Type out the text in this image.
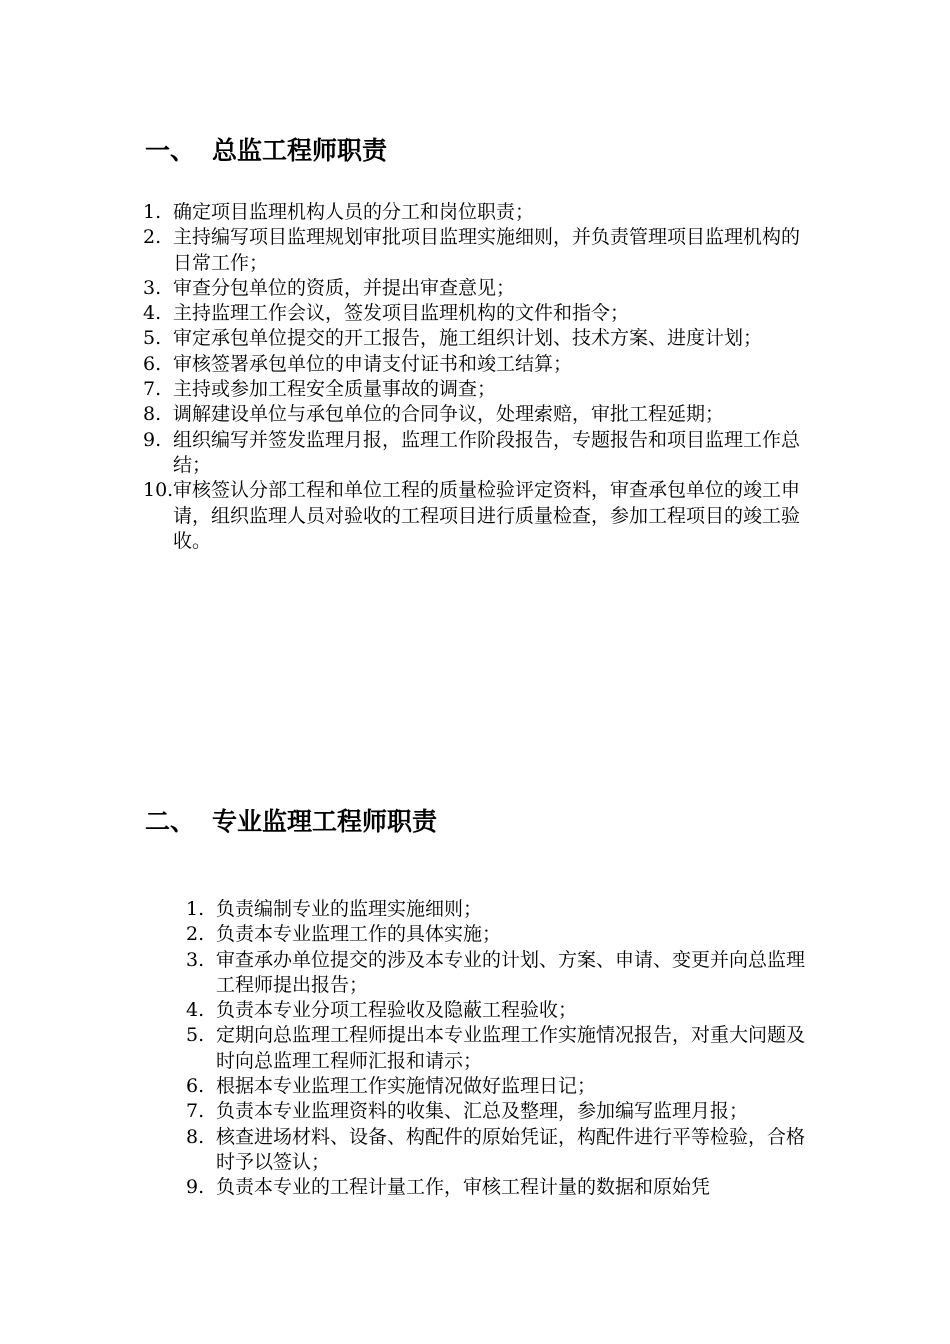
一、 总监工程师职责
1. 确定项目监理机构人员的分工和岗位职责；
2. 主持编写项目监理规划审批项目监理实施细则，并负责管理项目监理机构的日常工作；
3. 审查分包单位的资质，并提出审查意见；
4. 主持监理工作会议，签发项目监理机构的文件和指令；
5. 审定承包单位提交的开工报告，施工组织计划、技术方案、进度计划；
6. 审核签署承包单位的申请支付证书和竣工结算；
7. 主持或参加工程安全质量事故的调查；
8. 调解建设单位与承包单位的合同争议，处理索赔，审批工程延期；
9. 组织编写并签发监理月报，监理工作阶段报告，专题报告和项目监理工作总结；
10. 审核签认分部工程和单位工程的质量检验评定资料，审查承包单位的竣工申请，组织监理人员对验收的工程项目进行质量检查，参加工程项目的竣工验收。
二、 专业监理工程师职责
1. 负责编制专业的监理实施细则；
2. 负责本专业监理工作的具体实施；
3. 审查承办单位提交的涉及本专业的计划、方案、申请、变更并向总监理工程师提出报告；
4. 负责本专业分项工程验收及隐蔽工程验收；
5. 定期向总监理工程师提出本专业监理工作实施情况报告，对重大问题及时向总监理工程师汇报和请示；
6. 根据本专业监理工作实施情况做好监理日记；
7. 负责本专业监理资料的收集、汇总及整理，参加编写监理月报；
8. 核查进场材料、设备、构配件的原始凭证，构配件进行平等检验，合格时予以签认；
9. 负责本专业的工程计量工作，审核工程计量的数据和原始凭
